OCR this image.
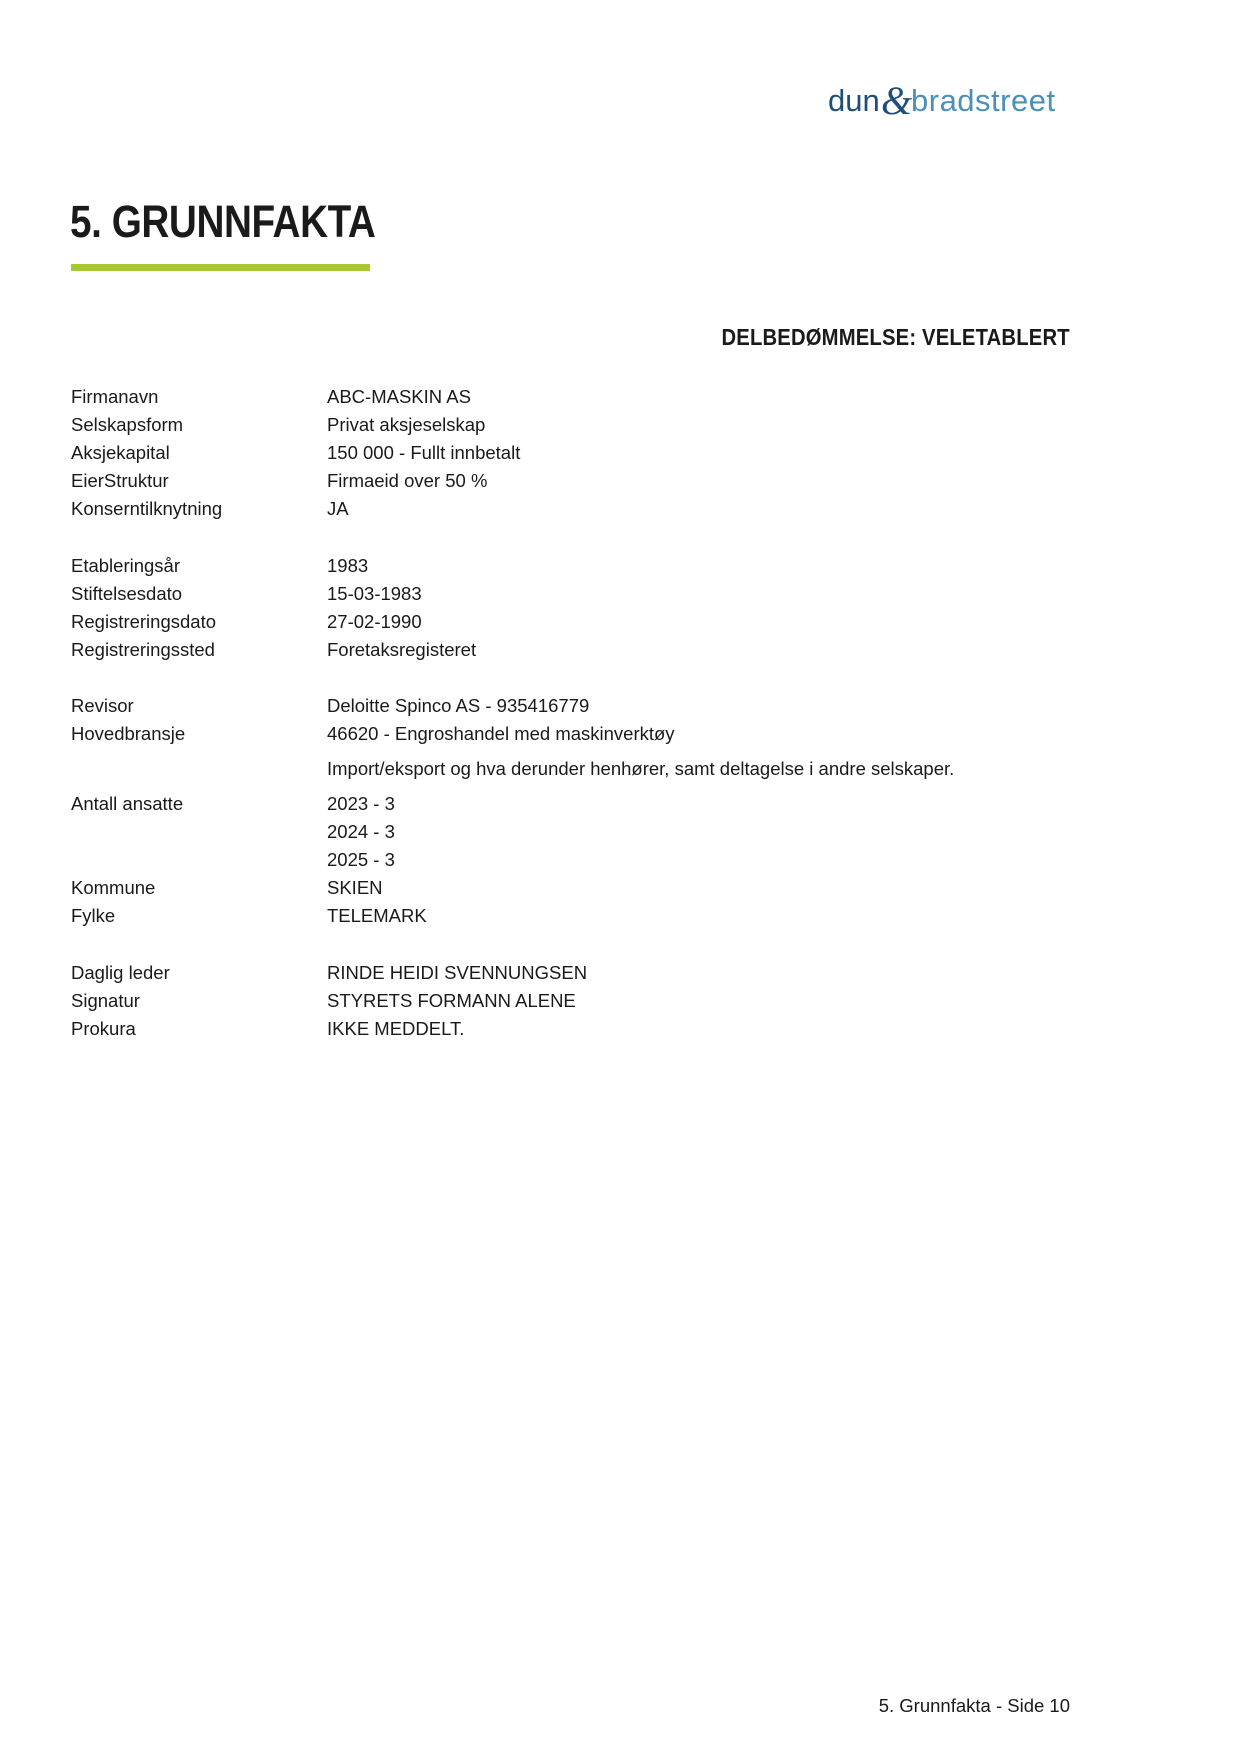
dun &
bradstreet
5. GRUNNFAKTA
DELBEDØMMELSE: VELETABLERT
Firmanavn	ABC-MASKIN AS
Selskapsform	Privat aksjeselskap
Aksjekapital	150 000 - Fullt innbetalt
EierStruktur	Firmaeid over 50 %
Konserntilknytning	JA
Etableringsår	1983
Stiftelsesdato	15-03-1983
Registreringsdato	27-02-1990
Registreringssted	Foretaksregisteret
Revisor	Deloitte Spinco AS - 935416779
Hovedbransje	46620 - Engroshandel med maskinverktøy
Import/eksport og hva derunder henhører, samt deltagelse i andre selskaper.
Antall ansatte	2023 - 3
2024 - 3
2025 - 3
Kommune	SKIEN
Fylke	TELEMARK
Daglig leder	RINDE HEIDI SVENNUNGSEN
Signatur	STYRETS FORMANN ALENE
Prokura	IKKE MEDDELT.
5. Grunnfakta - Side 10
